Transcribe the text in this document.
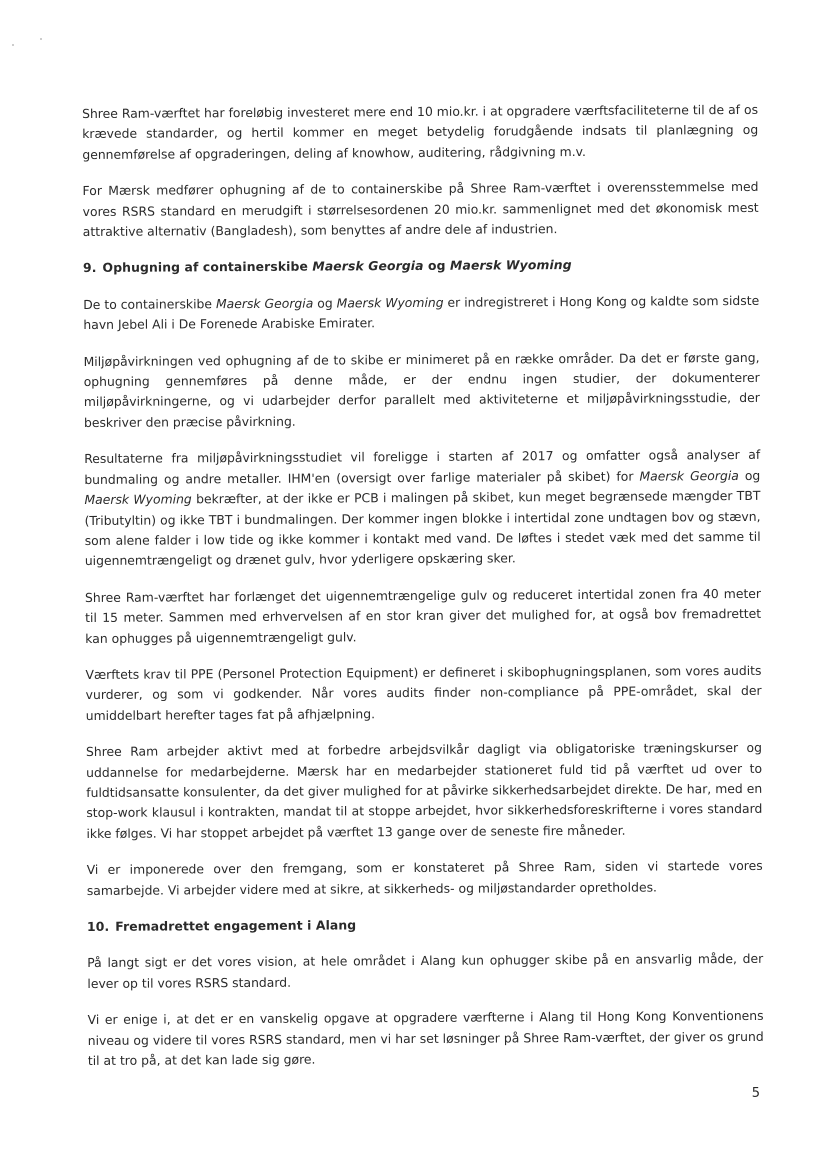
Shree Ram-værftet har foreløbig investeret mere end 10 mio.kr. i at opgradere værftsfaciliteterne til de af os krævede standarder, og hertil kommer en meget betydelig forudgående indsats til planlægning og gennemførelse af opgraderingen, deling af knowhow, auditering, rådgivning m.v.

For Mærsk medfører ophugning af de to containerskibe på Shree Ram-værftet i overensstemmelse med vores RSRS standard en merudgift i størrelsesordenen 20 mio.kr. sammenlignet med det økonomisk mest attraktive alternativ (Bangladesh), som benyttes af andre dele af industrien.

9. Ophugning af containerskibe Maersk Georgia og Maersk Wyoming

De to containerskibe Maersk Georgia og Maersk Wyoming er indregistreret i Hong Kong og kaldte som sidste havn Jebel Ali i De Forenede Arabiske Emirater.

Miljøpåvirkningen ved ophugning af de to skibe er minimeret på en række områder. Da det er første gang, ophugning gennemføres på denne måde, er der endnu ingen studier, der dokumenterer miljøpåvirkningerne, og vi udarbejder derfor parallelt med aktiviteterne et miljøpåvirkningsstudie, der beskriver den præcise påvirkning.

Resultaterne fra miljøpåvirkningsstudiet vil foreligge i starten af 2017 og omfatter også analyser af bundmaling og andre metaller. IHM'en (oversigt over farlige materialer på skibet) for Maersk Georgia og Maersk Wyoming bekræfter, at der ikke er PCB i malingen på skibet, kun meget begrænsede mængder TBT (Tributyltin) og ikke TBT i bundmalingen. Der kommer ingen blokke i intertidal zone undtagen bov og stævn, som alene falder i low tide og ikke kommer i kontakt med vand. De løftes i stedet væk med det samme til uigennemtrængeligt og drænet gulv, hvor yderligere opskæring sker.

Shree Ram-værftet har forlænget det uigennemtrængelige gulv og reduceret intertidal zonen fra 40 meter til 15 meter. Sammen med erhvervelsen af en stor kran giver det mulighed for, at også bov fremadrettet kan ophugges på uigennemtrængeligt gulv.

Værftets krav til PPE (Personel Protection Equipment) er defineret i skibophugningsplanen, som vores audits vurderer, og som vi godkender. Når vores audits finder non-compliance på PPE-området, skal der umiddelbart herefter tages fat på afhjælpning.

Shree Ram arbejder aktivt med at forbedre arbejdsvilkår dagligt via obligatoriske træningskurser og uddannelse for medarbejderne. Mærsk har en medarbejder stationeret fuld tid på værftet ud over to fuldtidsansatte konsulenter, da det giver mulighed for at påvirke sikkerhedsarbejdet direkte. De har, med en stop-work klausul i kontrakten, mandat til at stoppe arbejdet, hvor sikkerhedsforeskrifterne i vores standard ikke følges. Vi har stoppet arbejdet på værftet 13 gange over de seneste fire måneder.

Vi er imponerede over den fremgang, som er konstateret på Shree Ram, siden vi startede vores samarbejde. Vi arbejder videre med at sikre, at sikkerheds- og miljøstandarder opretholdes.

10. Fremadrettet engagement i Alang

På langt sigt er det vores vision, at hele området i Alang kun ophugger skibe på en ansvarlig måde, der lever op til vores RSRS standard.

Vi er enige i, at det er en vanskelig opgave at opgradere værfterne i Alang til Hong Kong Konventionens niveau og videre til vores RSRS standard, men vi har set løsninger på Shree Ram-værftet, der giver os grund til at tro på, at det kan lade sig gøre.

5
